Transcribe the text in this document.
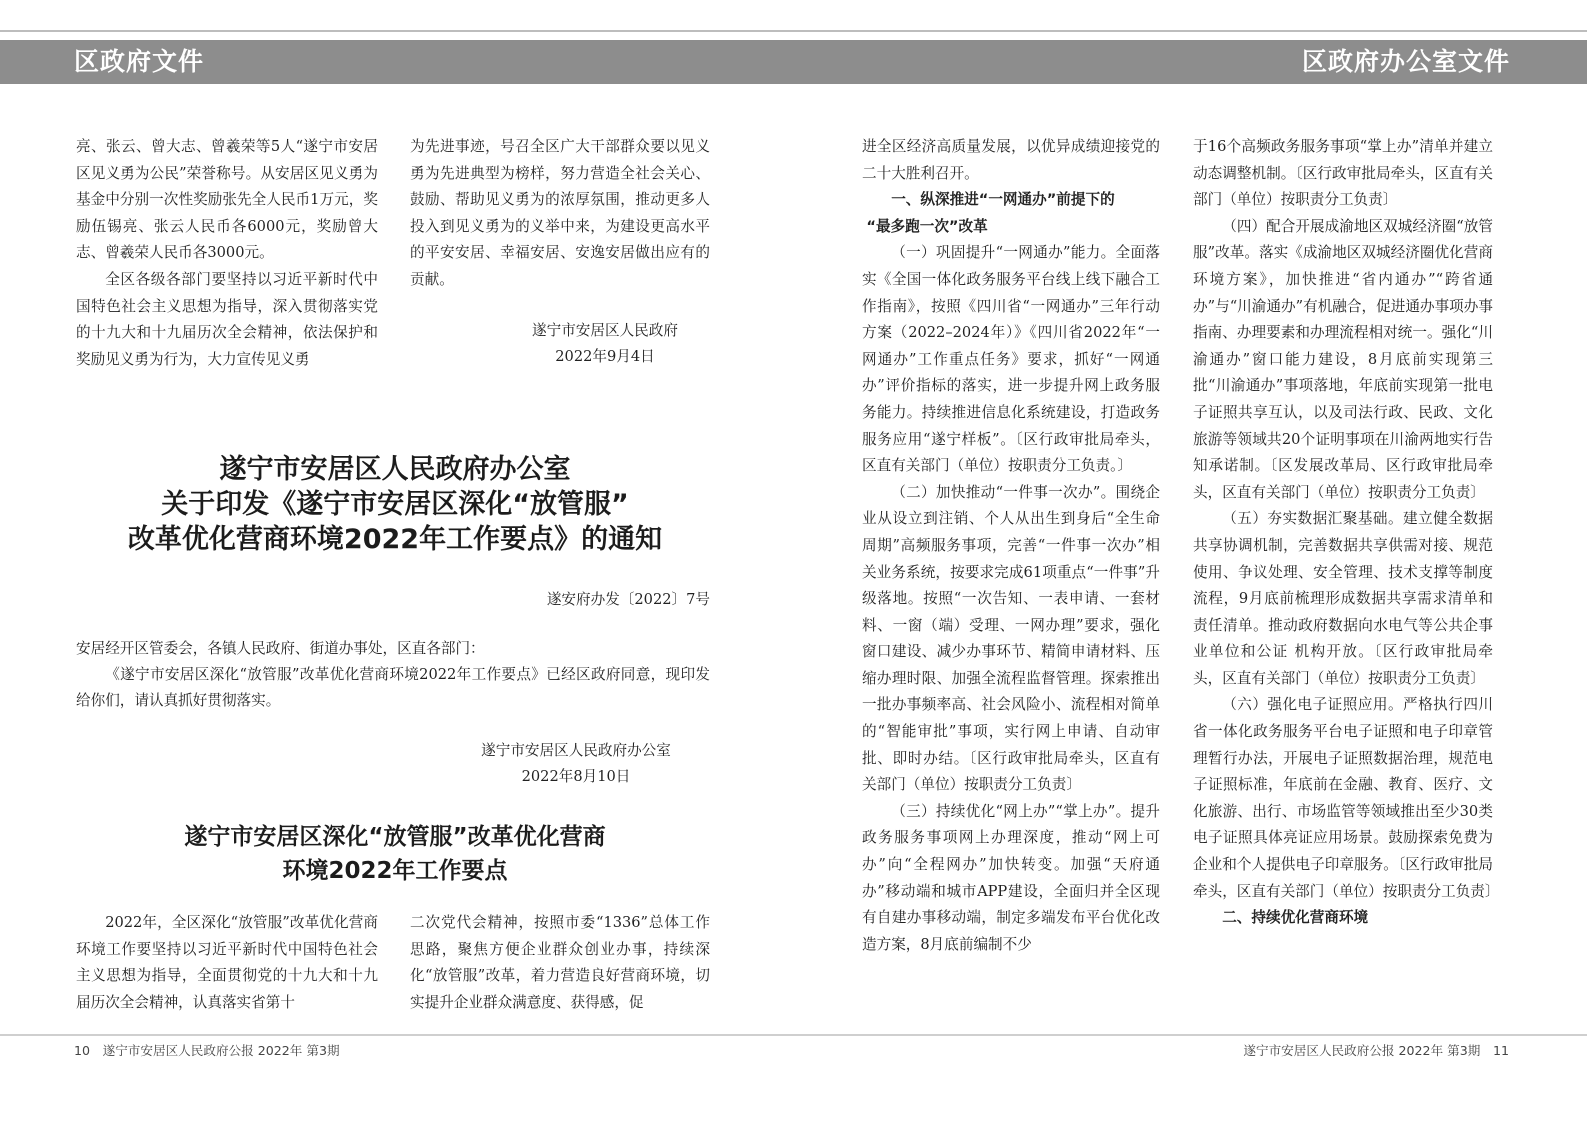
区政府文件	区政府办公室文件

亮、张云、曾大志、曾羲荣等5人“遂宁市安居区见义勇为公民”荣誉称号。从安居区见义勇为基金中分别一次性奖励张先全人民币1万元，奖励伍锡亮、张云人民币各6000元，奖励曾大志、曾羲荣人民币各3000元。

全区各级各部门要坚持以习近平新时代中国特色社会主义思想为指导，深入贯彻落实党的十九大和十九届历次全会精神，依法保护和奖励见义勇为行为，大力宣传见义勇

为先进事迹，号召全区广大干部群众要以见义勇为先进典型为榜样，努力营造全社会关心、鼓励、帮助见义勇为的浓厚氛围，推动更多人投入到见义勇为的义举中来，为建设更高水平的平安安居、幸福安居、安逸安居做出应有的贡献。

遂宁市安居区人民政府
2022年9月4日
遂宁市安居区人民政府办公室
关于印发《遂宁市安居区深化“放管服”
改革优化营商环境2022年工作要点》的通知
遂安府办发〔2022〕7号

安居经开区管委会，各镇人民政府、街道办事处，区直各部门：

《遂宁市安居区深化“放管服”改革优化营商环境2022年工作要点》已经区政府同意，现印发给你们，请认真抓好贯彻落实。

遂宁市安居区人民政府办公室
2022年8月10日
遂宁市安居区深化“放管服”改革优化营商
环境2022年工作要点

2022年，全区深化“放管服”改革优化营商环境工作要坚持以习近平新时代中国特色社会主义思想为指导，全面贯彻党的十九大和十九届历次全会精神，认真落实省第十

二次党代会精神，按照市委“1336”总体工作思路，聚焦方便企业群众创业办事，持续深化“放管服”改革，着力营造良好营商环境，切实提升企业群众满意度、获得感，促

进全区经济高质量发展，以优异成绩迎接党的二十大胜利召开。

一、纵深推进“一网通办”前提下的

“最多跑一次”改革

（一）巩固提升“一网通办”能力。全面落实《全国一体化政务服务平台线上线下融合工作指南》，按照《四川省“一网通办”三年行动方案（2022–2024年）》《四川省2022年“一网通办”工作重点任务》要求，抓好“一网通办”评价指标的落实，进一步提升网上政务服务能力。持续推进信息化系统建设，打造政务服务应用“遂宁样板”。〔区行政审批局牵头，区直有关部门（单位）按职责分工负责。〕

（二）加快推动“一件事一次办”。围绕企业从设立到注销、个人从出生到身后“全生命周期”高频服务事项，完善“一件事一次办”相关业务系统，按要求完成61项重点“一件事”升级落地。按照“一次告知、一表申请、一套材料、一窗（端）受理、一网办理”要求，强化窗口建设、减少办事环节、精简申请材料、压缩办理时限、加强全流程监督管理。探索推出一批办事频率高、社会风险小、流程相对简单的“智能审批”事项，实行网上申请、自动审批、即时办结。〔区行政审批局牵头，区直有关部门（单位）按职责分工负责〕

（三）持续优化“网上办”“掌上办”。提升政务服务事项网上办理深度，推动“网上可办”向“全程网办”加快转变。加强“天府通办”移动端和城市APP建设，全面归并全区现有自建办事移动端，制定多端发布平台优化改造方案，8月底前编制不少

于16个高频政务服务事项“掌上办”清单并建立动态调整机制。〔区行政审批局牵头，区直有关部门（单位）按职责分工负责〕

（四）配合开展成渝地区双城经济圈“放管服”改革。落实《成渝地区双城经济圈优化营商环境方案》，加快推进“省内通办”“跨省通办”与“川渝通办”有机融合，促进通办事项办事指南、办理要素和办理流程相对统一。强化“川渝通办”窗口能力建设，8月底前实现第三批“川渝通办”事项落地，年底前实现第一批电子证照共享互认，以及司法行政、民政、文化旅游等领域共20个证明事项在川渝两地实行告知承诺制。〔区发展改革局、区行政审批局牵头，区直有关部门（单位）按职责分工负责〕

（五）夯实数据汇聚基础。建立健全数据共享协调机制，完善数据共享供需对接、规范使用、争议处理、安全管理、技术支撑等制度流程，9月底前梳理形成数据共享需求清单和责任清单。推动政府数据向水电气等公共企事业单位和公证 机构开放。〔区行政审批局牵头，区直有关部门（单位）按职责分工负责〕

（六）强化电子证照应用。严格执行四川省一体化政务服务平台电子证照和电子印章管理暂行办法，开展电子证照数据治理，规范电子证照标准，年底前在金融、教育、医疗、文化旅游、出行、市场监管等领域推出至少30类电子证照具体亮证应用场景。鼓励探索免费为企业和个人提供电子印章服务。〔区行政审批局牵头，区直有关部门（单位）按职责分工负责〕

二、持续优化营商环境

10　遂宁市安居区人民政府公报 2022年 第3期	遂宁市安居区人民政府公报 2022年 第3期　11
